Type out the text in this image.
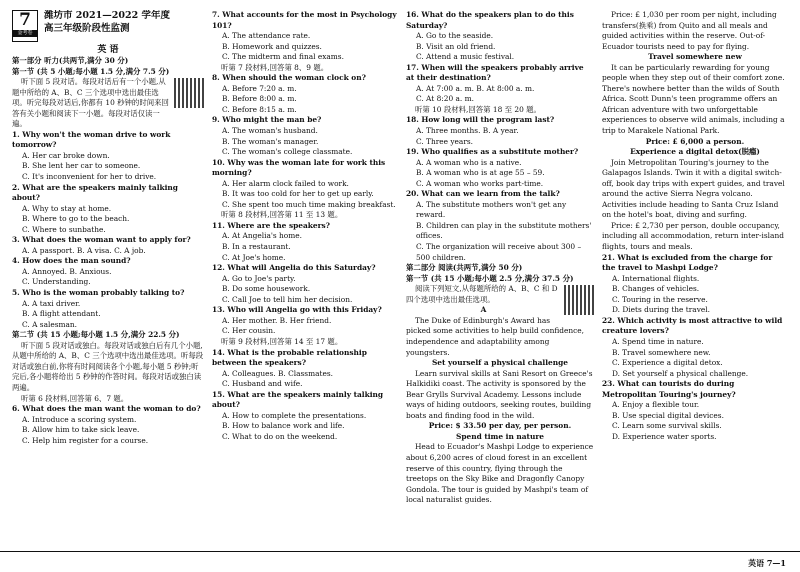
7
金考卷
潍坊市 2021—2022 学年度
高三年级阶段性监测
英 语
第一部分 听力(共两节,满分 30 分)
第一节 (共 5 小题;每小题 1.5 分,满分 7.5 分)
听下面 5 段对话。每段对话后有一个小题,从题中所给的 A、B、C 三个选项中选出最佳选项。听完每段对话后,你都有 10 秒钟的时间来回答有关小题和阅读下一小题。每段对话仅读一遍。
1. Why won't the woman drive to work tomorrow?
A. Her car broke down.
B. She lent her car to someone.
C. It's inconvenient for her to drive.
2. What are the speakers mainly talking about?
A. Why to stay at home.
B. Where to go to the beach.
C. Where to sunbathe.
3. What does the woman want to apply for?
A. A passport. B. A visa. C. A job.
4. How does the man sound?
A. Annoyed. B. Anxious.
C. Understanding.
5. Who is the woman probably talking to?
A. A taxi driver.
B. A flight attendant.
C. A salesman.
第二节 (共 15 小题;每小题 1.5 分,满分 22.5 分)
听下面 5 段对话或独白。每段对话或独白后有几个小题,从题中所给的 A、B、C 三个选项中选出最佳选项。听每段对话或独白前,你将有时间阅读各个小题,每小题 5 秒钟;听完后,各小题将给出 5 秒钟的作答时间。每段对话或独白读两遍。
听第 6 段材料,回答第 6、7 题。
6. What does the man want the woman to do?
A. Introduce a scoring system.
B. Allow him to take sick leave.
C. Help him register for a course.
7. What accounts for the most in Psychology 101?
A. The attendance rate.
B. Homework and quizzes.
C. The midterm and final exams.
听第 7 段材料,回答第 8、9 题。
8. When should the woman clock on?
A. Before 7:20 a. m.
B. Before 8:00 a. m.
C. Before 8:15 a. m.
9. Who might the man be?
A. The woman's husband.
B. The woman's manager.
C. The woman's college classmate.
10. Why was the woman late for work this morning?
A. Her alarm clock failed to work.
B. It was too cold for her to get up early.
C. She spent too much time making breakfast.
听第 8 段材料,回答第 11 至 13 题。
11. Where are the speakers?
A. At Angelia's home.
B. In a restaurant.
C. At Joe's home.
12. What will Angelia do this Saturday?
A. Go to Joe's party.
B. Do some housework.
C. Call Joe to tell him her decision.
13. Who will Angelia go with this Friday?
A. Her mother. B. Her friend.
C. Her cousin.
听第 9 段材料,回答第 14 至 17 题。
14. What is the probable relationship between the speakers?
A. Colleagues. B. Classmates.
C. Husband and wife.
15. What are the speakers mainly talking about?
A. How to complete the presentations.
B. How to balance work and life.
C. What to do on the weekend.
16. What do the speakers plan to do this Saturday?
A. Go to the seaside.
B. Visit an old friend.
C. Attend a music festival.
17. When will the speakers probably arrive at their destination?
A. At 7:00 a. m. B. At 8:00 a. m.
C. At 8:20 a. m.
听第 10 段材料,回答第 18 至 20 题。
18. How long will the program last?
A. Three months. B. A year.
C. Three years.
19. Who qualifies as a substitute mother?
A. A woman who is a native.
B. A woman who is at age 55 – 59.
C. A woman who works part-time.
20. What can we learn from the talk?
A. The substitute mothers won't get any reward.
B. Children can play in the substitute mothers' offices.
C. The organization will receive about 300 – 500 children.
第二部分 阅读(共两节,满分 50 分)
第一节 (共 15 小题;每小题 2.5 分,满分 37.5 分)
阅读下列短文,从每题所给的 A、B、C 和 D 四个选项中选出最佳选项。
A
The Duke of Edinburgh's Award has picked some activities to help build confidence, independence and adaptability among youngsters.
Set yourself a physical challenge
Learn survival skills at Sani Resort on Greece's Halkidiki coast. The activity is sponsored by the Bear Grylls Survival Academy. Lessons include ways of hiding outdoors, seeking routes, building boats and finding food in the wild.
Price: $ 33.50 per day, per person.
Spend time in nature
Head to Ecuador's Mashpi Lodge to experience about 6,200 acres of cloud forest in an excellent reserve of this country, flying through the treetops on the Sky Bike and Dragonfly Canopy Gondola. The tour is guided by Mashpi's team of local naturalist guides.
Price: £ 1,030 per room per night, including transfers(换乘) from Quito and all meals and guided activities within the reserve. Out-of-Ecuador tourists need to pay for flying.
Travel somewhere new
It can be particularly rewarding for young people when they step out of their comfort zone. There's nowhere better than the wilds of South Africa. Scott Dunn's teen programme offers an African adventure with two unforgettable experiences to observe wild animals, including a trip to Marakele National Park.
Price: £ 6,000 a person.
Experience a digital detox(脱瘾)
Join Metropolitan Touring's journey to the Galapagos Islands. Twin it with a digital switch-off, book day trips with expert guides, and travel around the active Sierra Negra volcano. Activities include heading to Santa Cruz Island on the hotel's boat, diving and surfing.
Price: £ 2,730 per person, double occupancy, including all accommodation, return inter-island flights, tours and meals.
21. What is excluded from the charge for the travel to Mashpi Lodge?
A. International flights.
B. Changes of vehicles.
C. Touring in the reserve.
D. Diets during the travel.
22. Which activity is most attractive to wild creature lovers?
A. Spend time in nature.
B. Travel somewhere new.
C. Experience a digital detox.
D. Set yourself a physical challenge.
23. What can tourists do during Metropolitan Touring's journey?
A. Enjoy a flexible tour.
B. Use special digital devices.
C. Learn some survival skills.
D. Experience water sports.
英语 7—1
